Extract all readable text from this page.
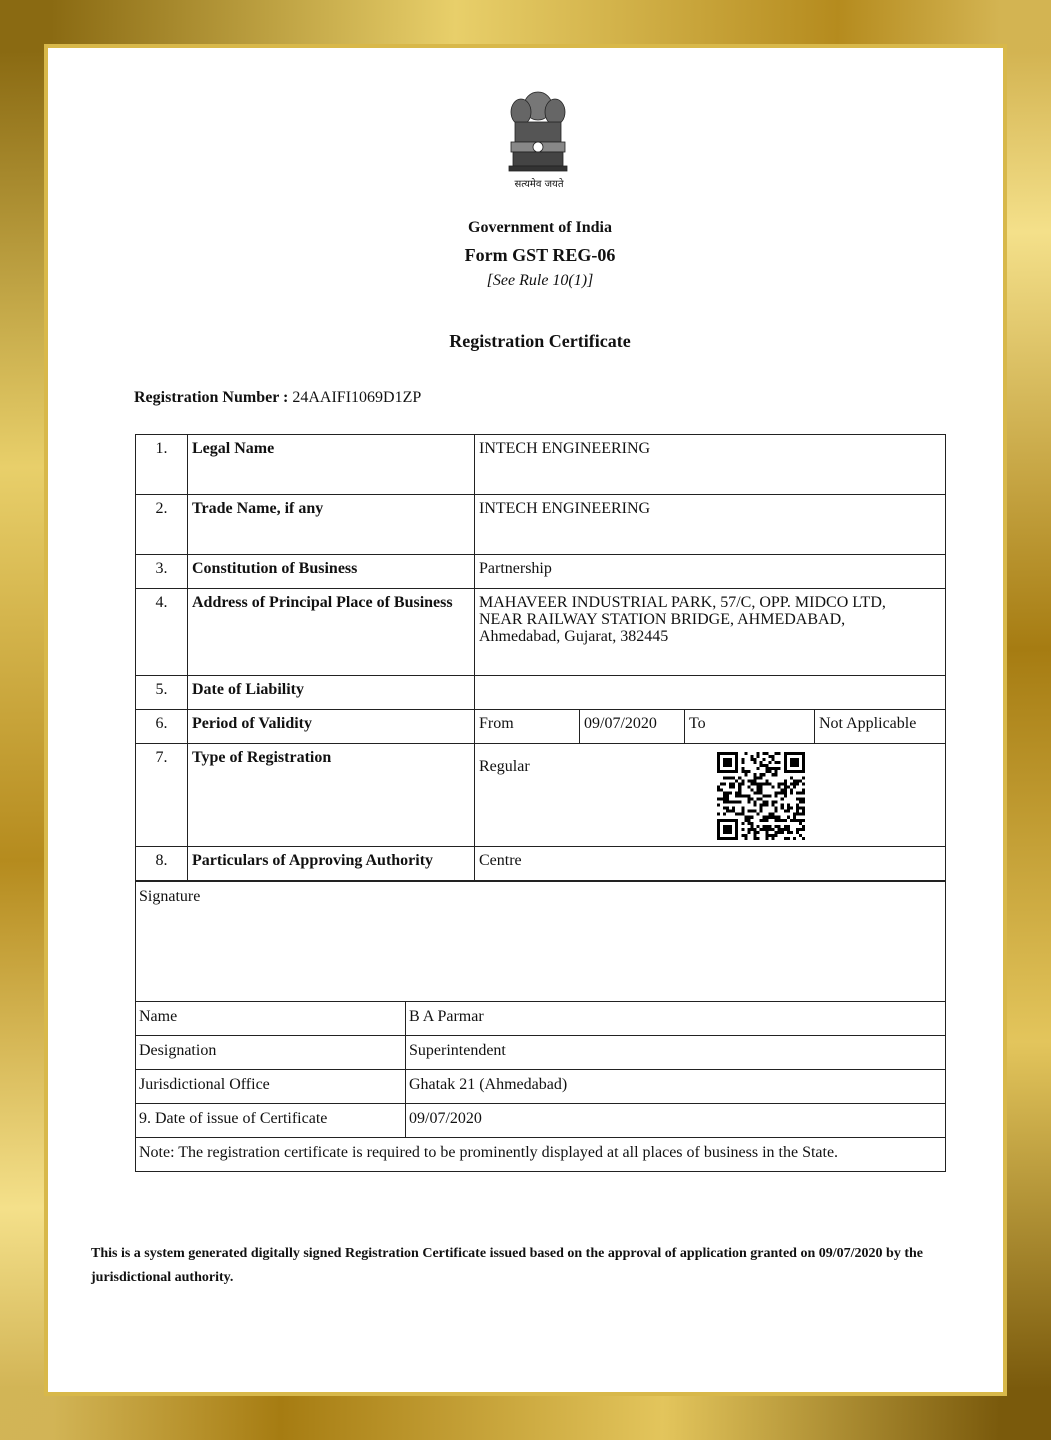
सत्यमेव जयते
Government of India
Form GST REG-06
[See Rule 10(1)]
Registration Certificate
Registration Number : 24AAIFI1069D1ZP
1.	Legal Name	INTECH ENGINEERING			
2.	Trade Name, if any	INTECH ENGINEERING			
3.	Constitution of Business	Partnership			
4.	Address of Principal Place of Business	MAHAVEER INDUSTRIAL PARK, 57/C, OPP. MIDCO LTD,
NEAR RAILWAY STATION BRIDGE, AHMEDABAD,
Ahmedabad, Gujarat, 382445			

5.	Date of Liability				
6.	Period of Validity	From	09/07/2020	To	Not Applicable
7.	Type of Registration	Regular			
8.	Particulars of Approving Authority	Centre			
Signature	
Name	B A Parmar
Designation	Superintendent
Jurisdictional Office	Ghatak 21 (Ahmedabad)
9. Date of issue of Certificate	09/07/2020
Note: The registration certificate is required to be prominently displayed at all places of business in the State.	
This is a system generated digitally signed Registration Certificate issued based on the approval of application granted on 09/07/2020 by the jurisdictional authority.
